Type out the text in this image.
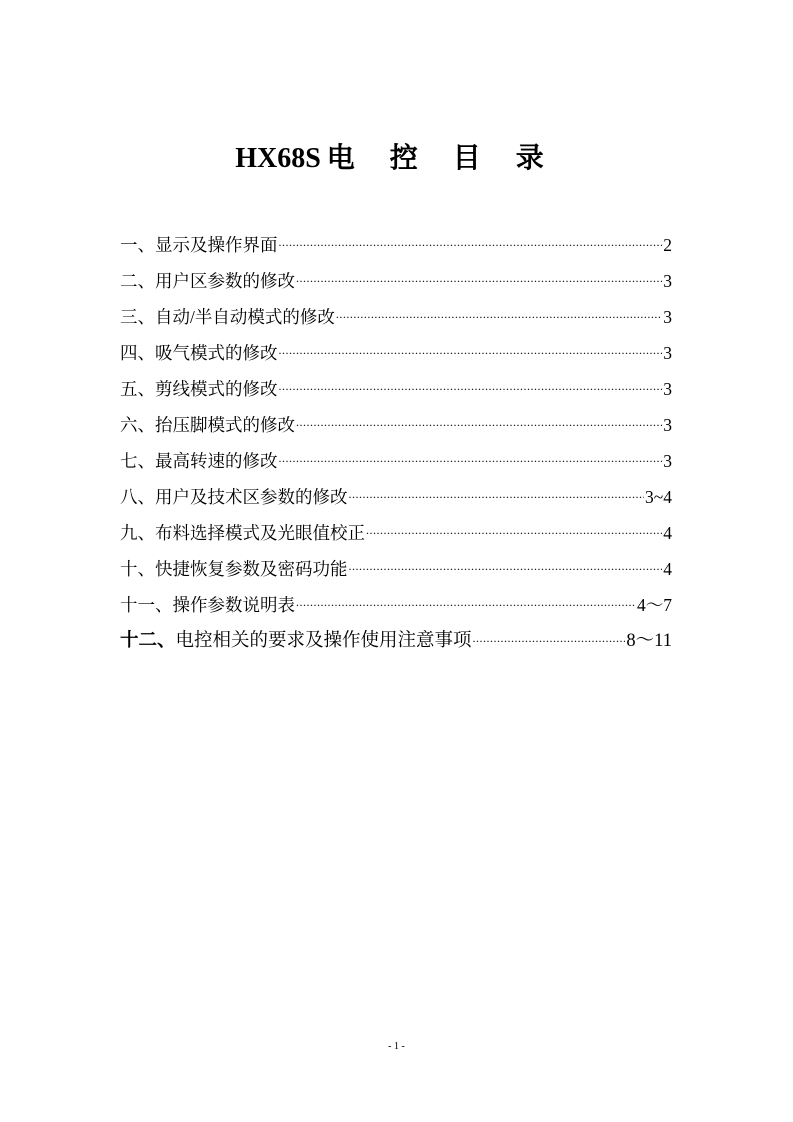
HX68S 电 控 目 录
一、显示及操作界面 .....	2
二、用户区参数的修改 .....	3
三、自动/半自动模式的修改 .....	3
四、吸气模式的修改 .....	3
五、剪线模式的修改 .....	3
六、抬压脚模式的修改 .....	3
七、最高转速的修改 .....	3
八、用户及技术区参数的修改 .....	3~4
九、布料选择模式及光眼值校正 .....	4
十、快捷恢复参数及密码功能 .....	4
十一、操作参数说明表 .....	4～7
十二、电控相关的要求及操作使用注意事项 .....	8～11
- 1 -
